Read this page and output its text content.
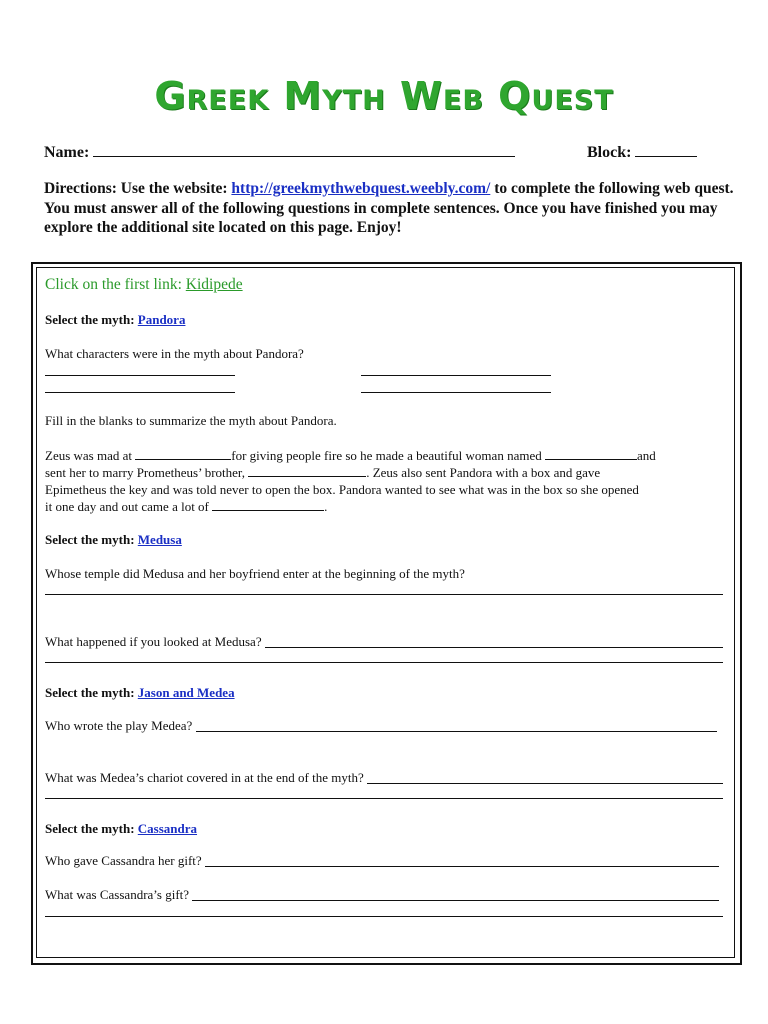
Greek Myth Web Quest
Name:	Block:
Directions: Use the website: http://greekmythwebquest.weebly.com/ to complete the following web quest. You must answer all of the following questions in complete sentences. Once you have finished you may explore the additional site located on this page. Enjoy!
Click on the first link: Kidipede
Select the myth: Pandora
What characters were in the myth about Pandora?
Fill in the blanks to summarize the myth about Pandora.
Zeus was mad at	for giving people fire so he made a beautiful woman named	and
sent her to marry Prometheus’ brother,	. Zeus also sent Pandora with a box and gave
Epimetheus the key and was told never to open the box. Pandora wanted to see what was in the box so she opened
it one day and out came a lot of	.
Select the myth: Medusa
Whose temple did Medusa and her boyfriend enter at the beginning of the myth?
What happened if you looked at Medusa?
Select the myth: Jason and Medea
Who wrote the play Medea?
What was Medea’s chariot covered in at the end of the myth?
Select the myth: Cassandra
Who gave Cassandra her gift?
What was Cassandra’s gift?
